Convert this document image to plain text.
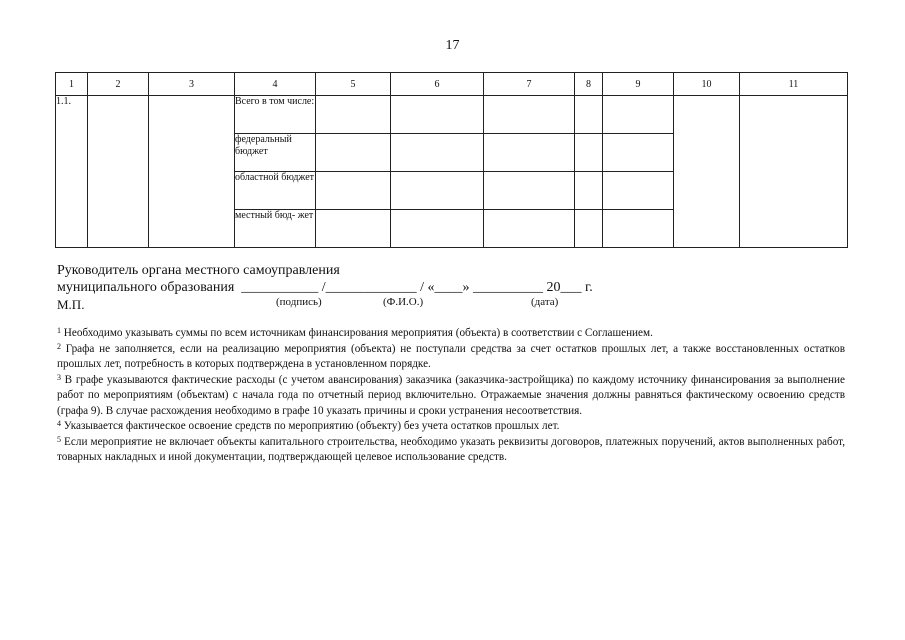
17
1	2	3	4	5	6	7	8	9	10	11
1.1.			Всего в том числе:							
			федеральный бюджет							
			областной бюджет							
			местный бюд- жет							
Руководитель органа местного самоуправления
муниципального образования  ___________ /_____________ / «____» __________ 20___ г.
М.П.	(подпись)	(Ф.И.О.)	(дата)

$^1$ Необходимо указывать суммы по всем источникам финансирования мероприятия (объекта) в соответствии с Соглашением.

$^2$ Графа не заполняется, если на реализацию мероприятия (объекта) не поступали средства за счет остатков прошлых лет, а также восстановленных остатков прошлых лет, потребность в которых подтверждена в установленном порядке.

$^3$ В графе указываются фактические расходы (с учетом авансирования) заказчика (заказчика-застройщика) по каждому источнику финансирования за выполнение работ по мероприятиям (объектам) с начала года по отчетный период включительно. Отражаемые значения должны равняться фактическому освоению средств (графа 9). В случае расхождения необходимо в графе 10 указать причины и сроки устранения несоответствия.

$^4$ Указывается фактическое освоение средств по мероприятию (объекту) без учета остатков прошлых лет.

$^5$ Если мероприятие не включает объекты капитального строительства, необходимо указать реквизиты договоров, платежных поручений, актов выполненных работ, товарных накладных и иной документации, подтверждающей целевое использование средств.
